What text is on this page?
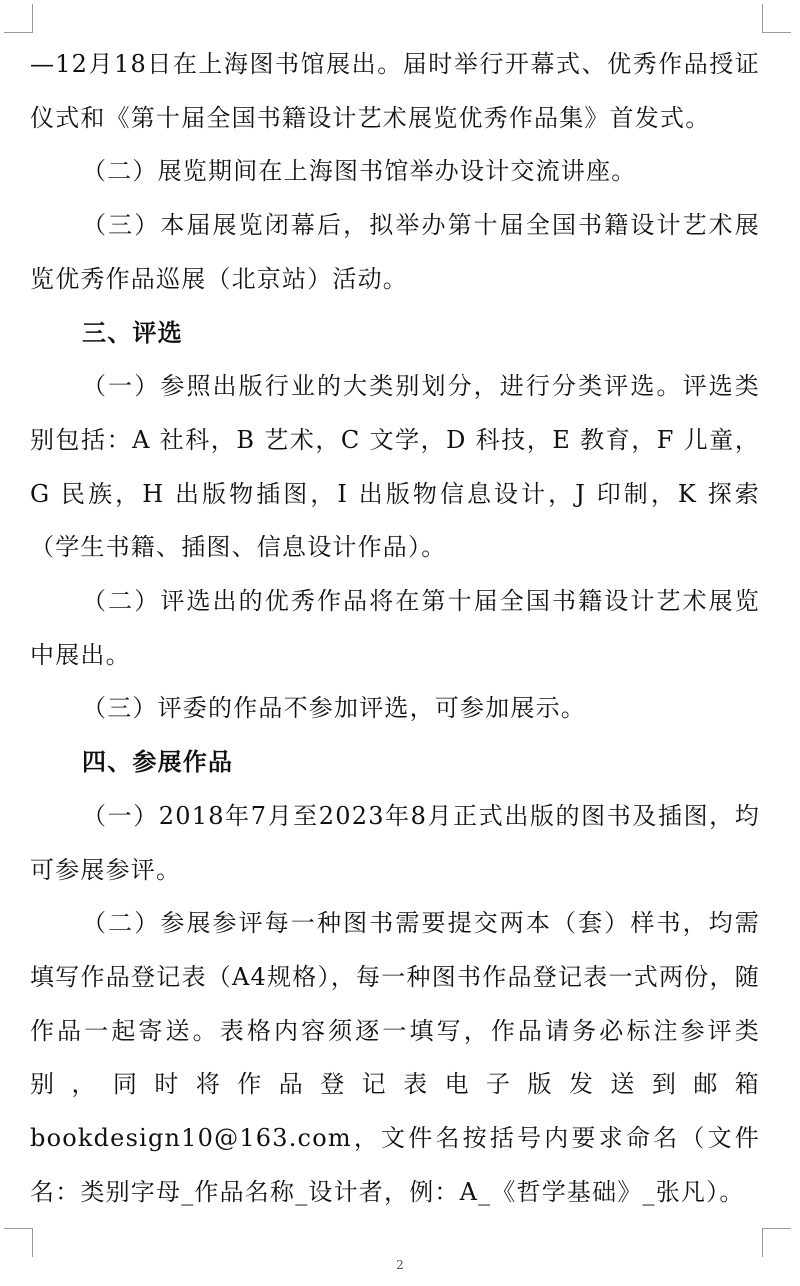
—12月18日在上海图书馆展出。届时举行开幕式、优秀作品授证仪式和《第十届全国书籍设计艺术展览优秀作品集》首发式。

（二）展览期间在上海图书馆举办设计交流讲座。

（三）本届展览闭幕后，拟举办第十届全国书籍设计艺术展览优秀作品巡展（北京站）活动。

三、评选

（一）参照出版行业的大类别划分，进行分类评选。评选类别包括：A 社科，B 艺术，C 文学，D 科技，E 教育，F 儿童，G 民族，H 出版物插图，I 出版物信息设计，J 印制，K 探索（学生书籍、插图、信息设计作品）。

（二）评选出的优秀作品将在第十届全国书籍设计艺术展览中展出。

（三）评委的作品不参加评选，可参加展示。

四、参展作品

（一）2018年7月至2023年8月正式出版的图书及插图，均可参展参评。

（二）参展参评每一种图书需要提交两本（套）样书，均需填写作品登记表（A4规格），每一种图书作品登记表一式两份，随作品一起寄送。表格内容须逐一填写，作品请务必标注参评类别，同时将作品登记表电子版发送到邮箱 bookdesign10@163.com，文件名按括号内要求命名（文件名：类别字母_作品名称_设计者，例：A_《哲学基础》_张凡）。

2
